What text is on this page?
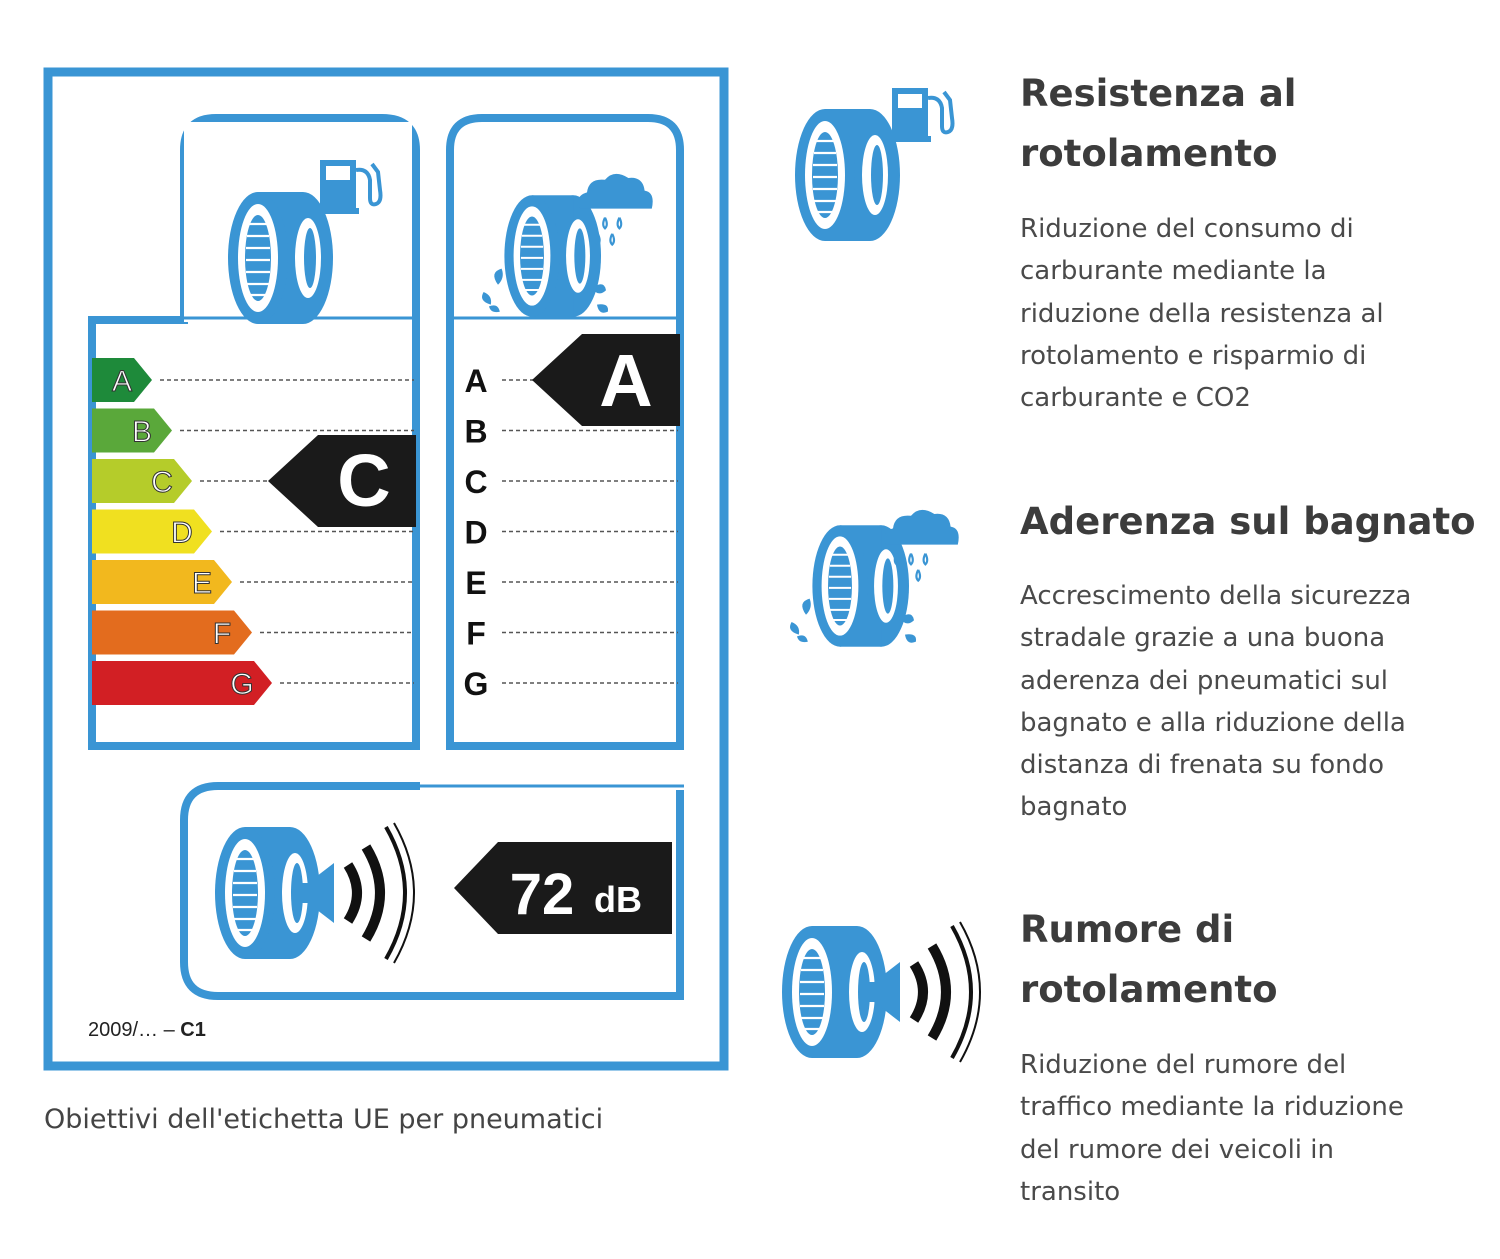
A
B
C
D
E
F
G
A
B
C
D
E
F
G
C
A
72 dB
2009/… – C1
Obiettivi dell'etichetta UE per pneumatici
Resistenza al
rotolamento

Riduzione del consumo di
carburante mediante la
riduzione della resistenza al
rotolamento e risparmio di
carburante e CO2

Aderenza sul bagnato

Accrescimento della sicurezza
stradale grazie a una buona
aderenza dei pneumatici sul
bagnato e alla riduzione della
distanza di frenata su fondo
bagnato

Rumore di
rotolamento

Riduzione del rumore del
traffico mediante la riduzione
del rumore dei veicoli in
transito
